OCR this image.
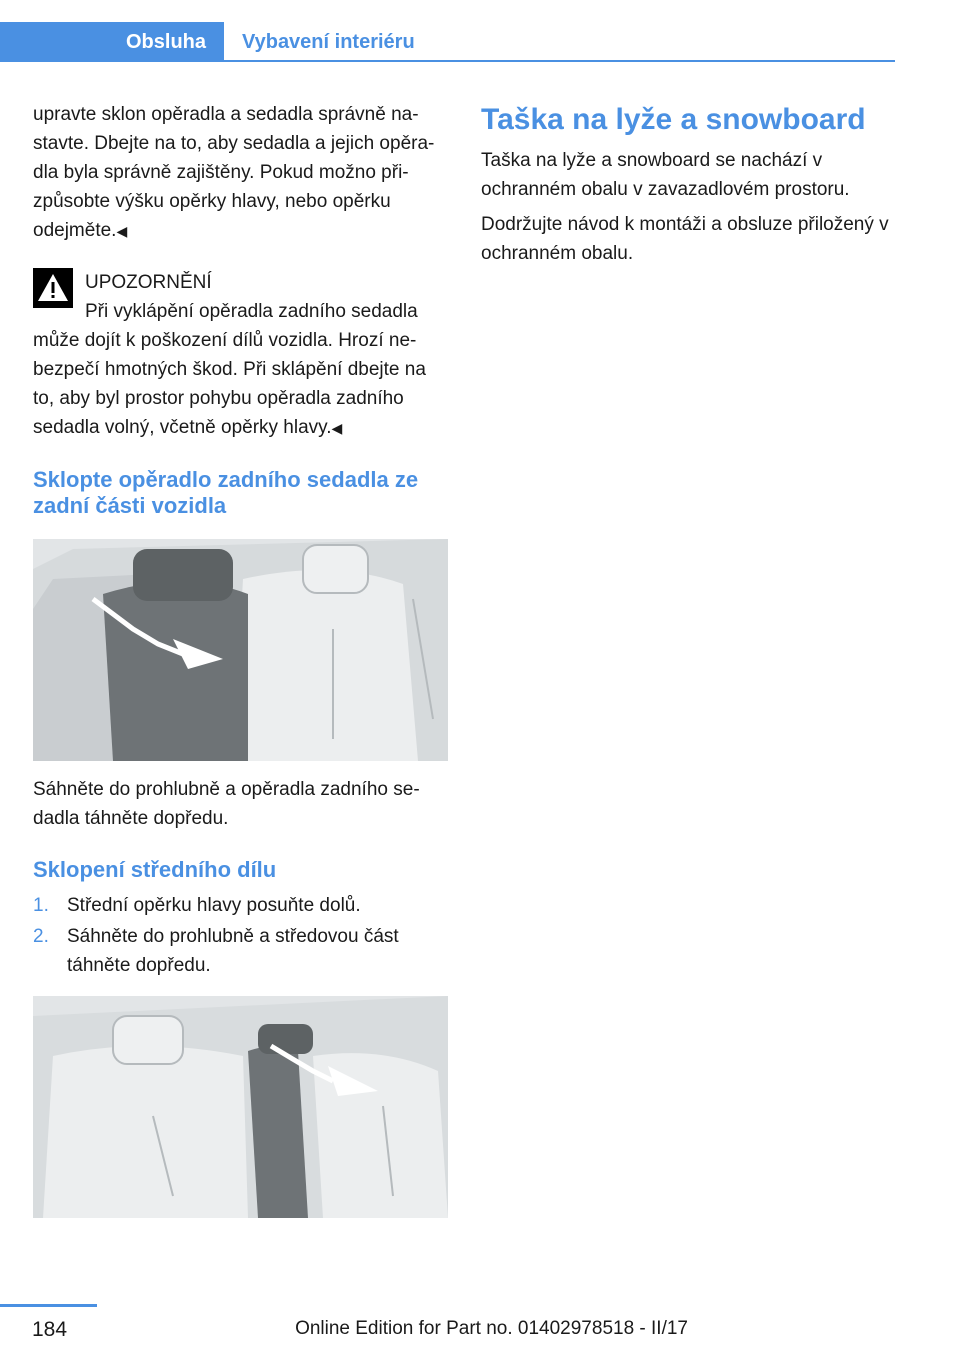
Obsluha	Vybavení interiéru

upravte sklon opěradla a sedadla správně nastavte. Dbejte na to, aby sedadla a jejich opěradla byla správně zajištěny. Pokud možno přizpůsobte výšku opěrky hlavy, nebo opěrku odejměte.◀

UPOZORNĚNÍ
Při vyklápění opěradla zadního sedadla
může dojít k poškození dílů vozidla. Hrozí nebezpečí hmotných škod. Při sklápění dbejte na to, aby byl prostor pohybu opěradla zadního sedadla volný, včetně opěrky hlavy.◀
Sklopte opěradlo zadního sedadla ze zadní části vozidla

Sáhněte do prohlubně a opěradla zadního sedadla táhněte dopředu.

Sklopení středního dílu
1. Střední opěrku hlavy posuňte dolů.
2. Sáhněte do prohlubně a středovou část táhněte dopředu.
Taška na lyže a snowboard

Taška na lyže a snowboard se nachází v ochranném obalu v zavazadlovém prostoru.

Dodržujte návod k montáži a obsluze přiložený v ochranném obalu.

184	Online Edition for Part no. 01402978518 - II/17
